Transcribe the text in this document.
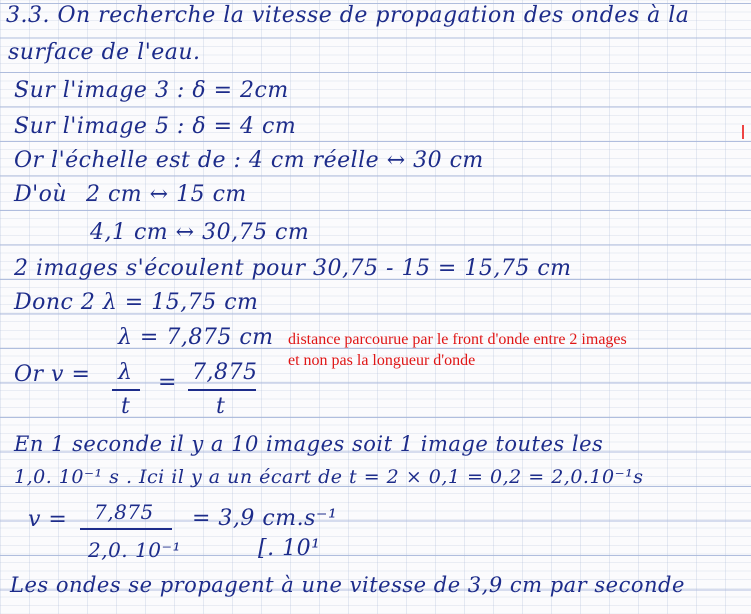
3.3. On recherche la vitesse de propagation des ondes à la
surface de l'eau.
Sur l'image 3 : δ = 2cm
Sur l'image 5 : δ = 4 cm
Or l'échelle est de : 4 cm réelle ↔ 30 cm
D'où 2 cm ↔ 15 cm
4,1 cm ↔ 30,75 cm
2 images s'écoulent pour 30,75 - 15 = 15,75 cm
Donc 2 λ = 15,75 cm
λ = 7,875 cm distance parcourue par le front d'onde entre 2 images
et non pas la longueur d'onde
Or v = λ
t
= 7,875
t
En 1 seconde il y a 10 images soit 1 image toutes les
1,0. 10⁻¹ s . Ici il y a un écart de t = 2 × 0,1 = 0,2 = 2,0.10⁻¹s
v = 7,875
2,0. 10⁻¹
= 3,9 cm.s⁻¹
[. 10¹
Les ondes se propagent à une vitesse de 3,9 cm par seconde
